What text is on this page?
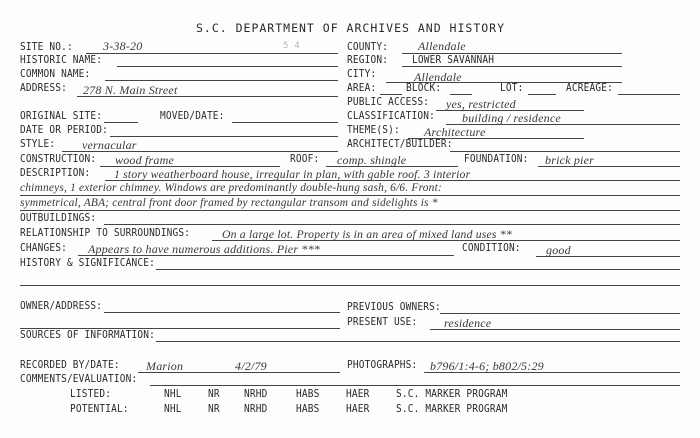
S.C. DEPARTMENT OF ARCHIVES AND HISTORY
5 4
SITE NO.:	3-38-20	COUNTY: Allendale
HISTORIC NAME:	REGION: LOWER SAVANNAH
COMMON NAME:	CITY:	Allendale
ADDRESS: 278 N. Main Street	AREA:	BLOCK:	LOT:	ACREAGE:
PUBLIC ACCESS: yes, restricted
ORIGINAL SITE:	MOVED/DATE:	CLASSIFICATION: building / residence
DATE OR PERIOD:	THEME(S): Architecture
STYLE: vernacular	ARCHITECT/BUILDER:
CONSTRUCTION: wood frame	ROOF: comp. shingle	FOUNDATION: brick pier
DESCRIPTION: 1 story weatherboard house, irregular in plan, with gable roof. 3 interior
chimneys, 1 exterior chimney. Windows are predominantly double-hung sash, 6/6. Front:
symmetrical, ABA; central front door framed by rectangular transom and sidelights is *
OUTBUILDINGS:
RELATIONSHIP TO SURROUNDINGS:	On a large lot. Property is in an area of mixed land uses **
CHANGES: Appears to have numerous additions. Pier ***	CONDITION: good
HISTORY & SIGNIFICANCE:
OWNER/ADDRESS:	PREVIOUS OWNERS:
PRESENT USE: residence
SOURCES OF INFORMATION:
RECORDED BY/DATE: Marion	4/2/79	PHOTOGRAPHS: b796/1:4-6; b802/5:29
COMMENTS/EVALUATION:
LISTED:	NHL NR NRHD	HABS HAER S.C. MARKER PROGRAM
POTENTIAL:	NHL NR NRHD	HABS HAER S.C. MARKER PROGRAM
